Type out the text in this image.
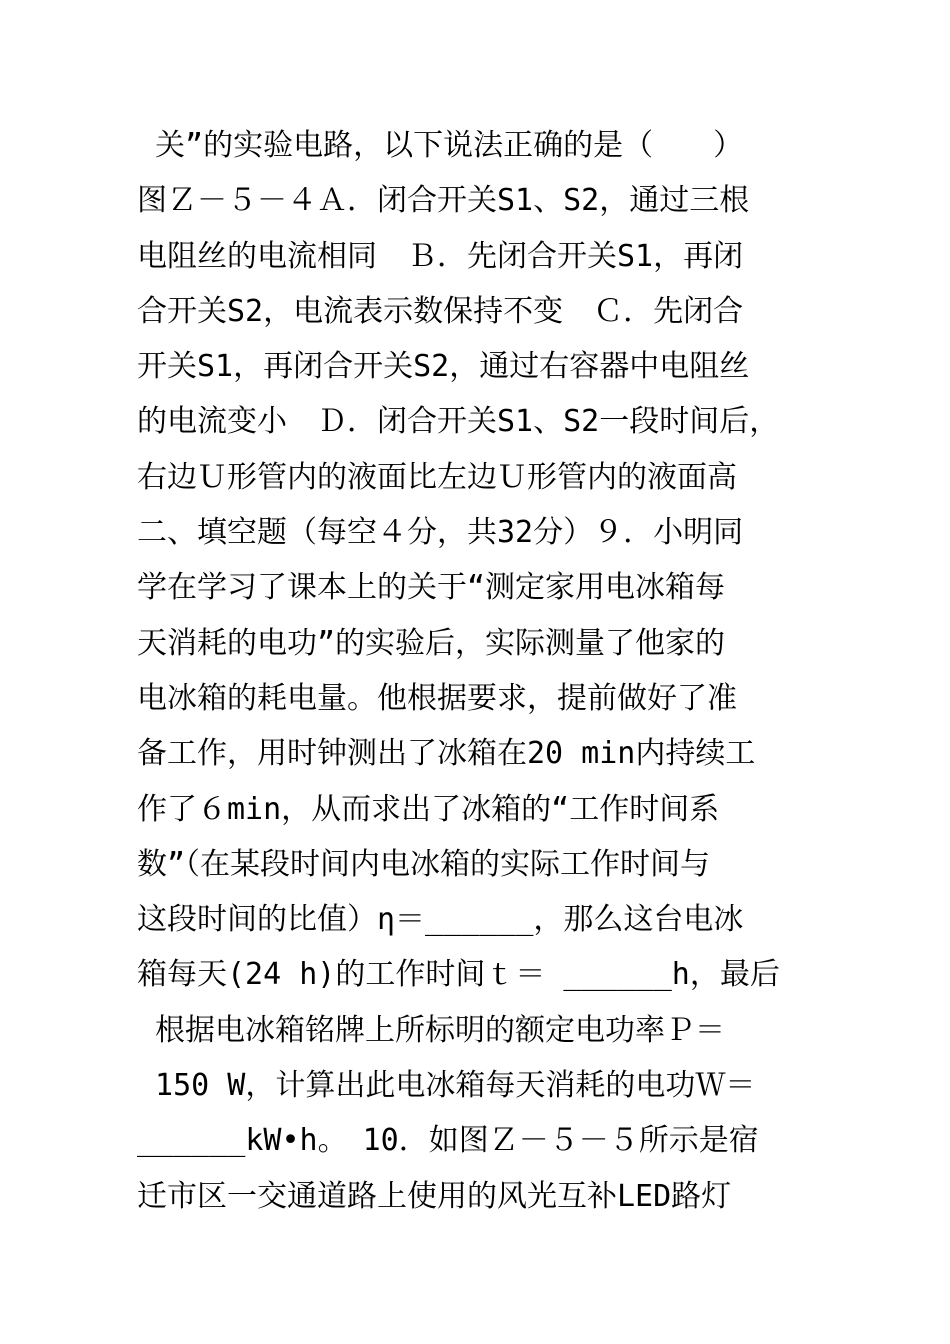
关”的实验电路，以下说法正确的是（　　）
图Ｚ－５－４Ａ．闭合开关S1、S2，通过三根
电阻丝的电流相同　Ｂ．先闭合开关S1，再闭
合开关S2，电流表示数保持不变　Ｃ．先闭合
开关S1，再闭合开关S2，通过右容器中电阻丝
的电流变小　Ｄ．闭合开关S1、S2一段时间后，
右边Ｕ形管内的液面比左边Ｕ形管内的液面高
二、填空题（每空４分，共32分）９．小明同
学在学习了课本上的关于“测定家用电冰箱每
天消耗的电功”的实验后，实际测量了他家的
电冰箱的耗电量。他根据要求，提前做好了准
备工作，用时钟测出了冰箱在20 min内持续工
作了６min，从而求出了冰箱的“工作时间系
数”（在某段时间内电冰箱的实际工作时间与
这段时间的比值）η＝______，那么这台电冰
箱每天(24 h)的工作时间ｔ＝ ______h，最后
根据电冰箱铭牌上所标明的额定电功率Ｐ＝
150 W，计算出此电冰箱每天消耗的电功Ｗ＝
______kW•h。　10．如图Ｚ－５－５所示是宿
迁市区一交通道路上使用的风光互补LED路灯
